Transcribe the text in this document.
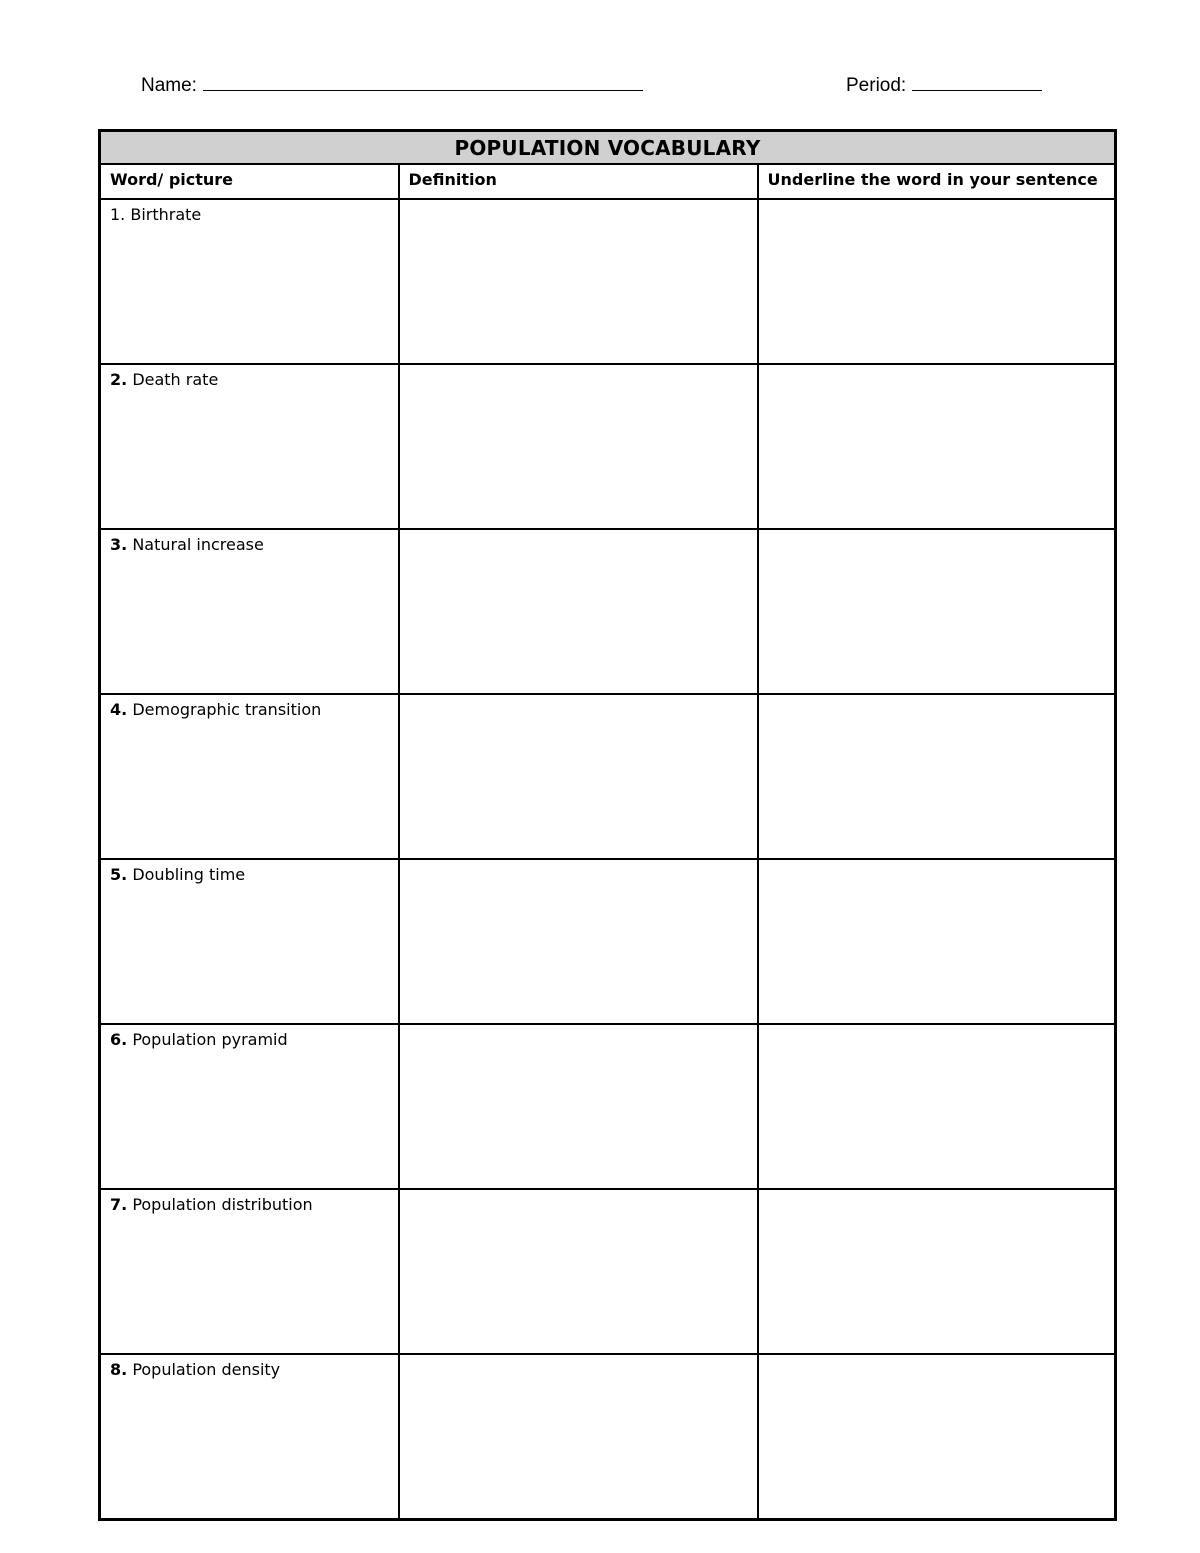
Name:	Period:
POPULATION VOCABULARY		
Word/ picture	Definition	Underline the word in your sentence
1. Birthrate		
2. Death rate		
3. Natural increase		
4. Demographic transition		
5. Doubling time		
6. Population pyramid		
7. Population distribution		
8. Population density		
